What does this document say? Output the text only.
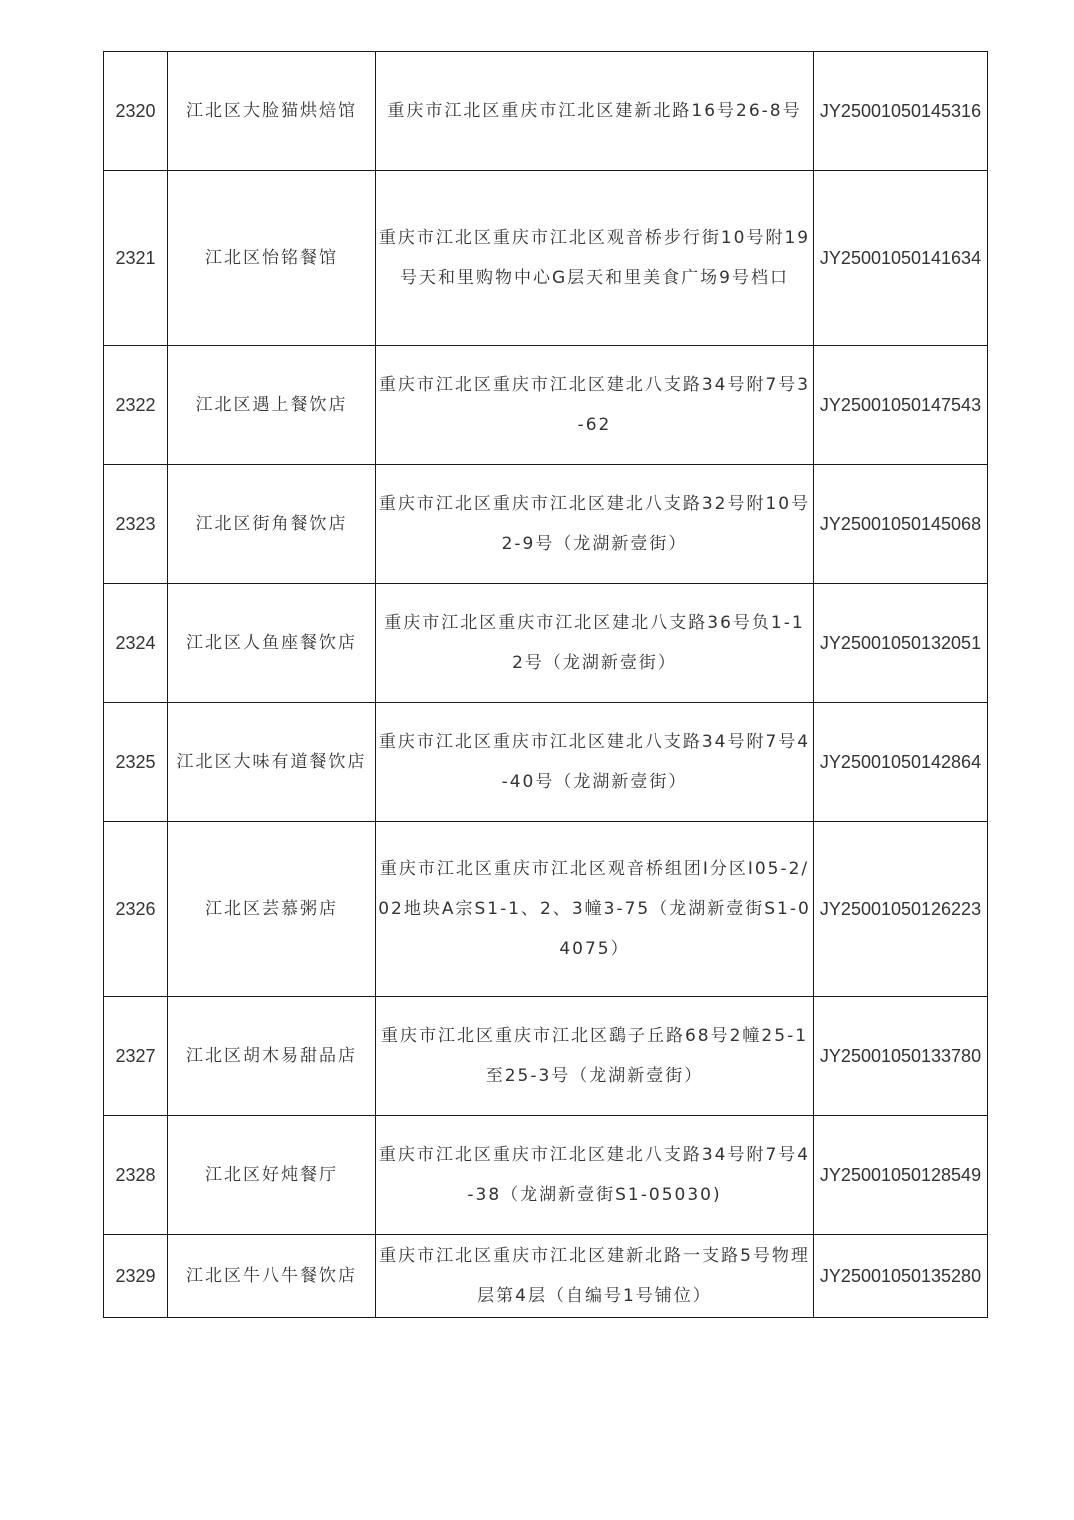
2320	江北区大脸猫烘焙馆	重庆市江北区重庆市江北区建新北路16号26-8号	JY25001050145316
2321	江北区怡铭餐馆	重庆市江北区重庆市江北区观音桥步行街10号附19号天和里购物中心G层天和里美食广场9号档口	JY25001050141634
2322	江北区遇上餐饮店	重庆市江北区重庆市江北区建北八支路34号附7号3-62	JY25001050147543
2323	江北区街角餐饮店	重庆市江北区重庆市江北区建北八支路32号附10号2-9号（龙湖新壹街）	JY25001050145068
2324	江北区人鱼座餐饮店	重庆市江北区重庆市江北区建北八支路36号负1-12号（龙湖新壹街）	JY25001050132051
2325	江北区大味有道餐饮店	重庆市江北区重庆市江北区建北八支路34号附7号4-40号（龙湖新壹街）	JY25001050142864
2326	江北区芸慕粥店	重庆市江北区重庆市江北区观音桥组团Ⅰ分区I05-2/02地块A宗S1-1、2、3幢3-75（龙湖新壹街S1-04075）	JY25001050126223
2327	江北区胡木易甜品店	重庆市江北区重庆市江北区鷂子丘路68号2幢25-1至25-3号（龙湖新壹街）	JY25001050133780
2328	江北区好炖餐厅	重庆市江北区重庆市江北区建北八支路34号附7号4-38（龙湖新壹街S1-05030)	JY25001050128549
2329	江北区牛八牛餐饮店	重庆市江北区重庆市江北区建新北路一支路5号物理层第4层（自编号1号铺位）	JY25001050135280
